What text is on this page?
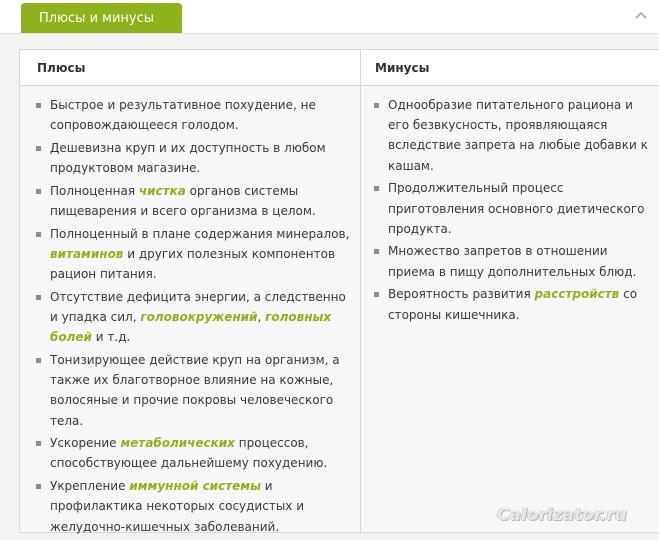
Плюсы и минусы
Плюсы	Минусы
Быстрое и результативное похудение, не сопровождающееся голодом.
Дешевизна круп и их доступность в любом продуктовом магазине.
Полноценная чистка органов системы пищеварения и всего организма в целом.
Полноценный в плане содержания минералов, витаминов и других полезных компонентов рацион питания.
Отсутствие дефицита энергии, а следственно и упадка сил, головокружений, головных болей и т.д.
Тонизирующее действие круп на организм, а также их благотворное влияние на кожные, волосяные и прочие покровы человеческого тела.
Ускорение метаболических процессов, способствующее дальнейшему похудению.
Укрепление иммунной системы и профилактика некоторых сосудистых и желудочно-кишечных заболеваний.
Однообразие питательного рациона и его безвкусность, проявляющаяся вследствие запрета на любые добавки к кашам.
Продолжительный процесс приготовления основного диетического продукта.
Множество запретов в отношении приема в пищу дополнительных блюд.
Вероятность развития расстройств со стороны кишечника.
Calorizator.ru
